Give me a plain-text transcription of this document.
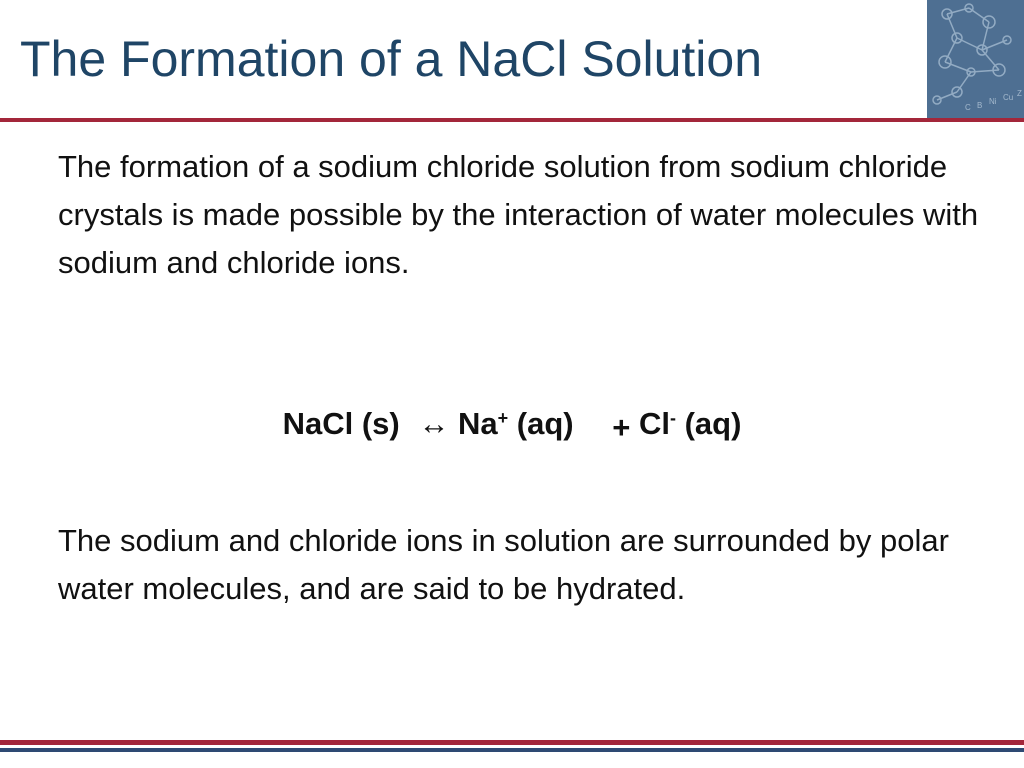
The Formation of a NaCl Solution
C B Ni Cu Z

The formation of a sodium chloride solution from sodium chloride crystals is made possible by the interaction of water molecules with sodium and chloride ions.

NaCl (s) ↔ Na+ (aq) + Cl- (aq)

The sodium and chloride ions in solution are surrounded by polar water molecules, and are said to be hydrated.
